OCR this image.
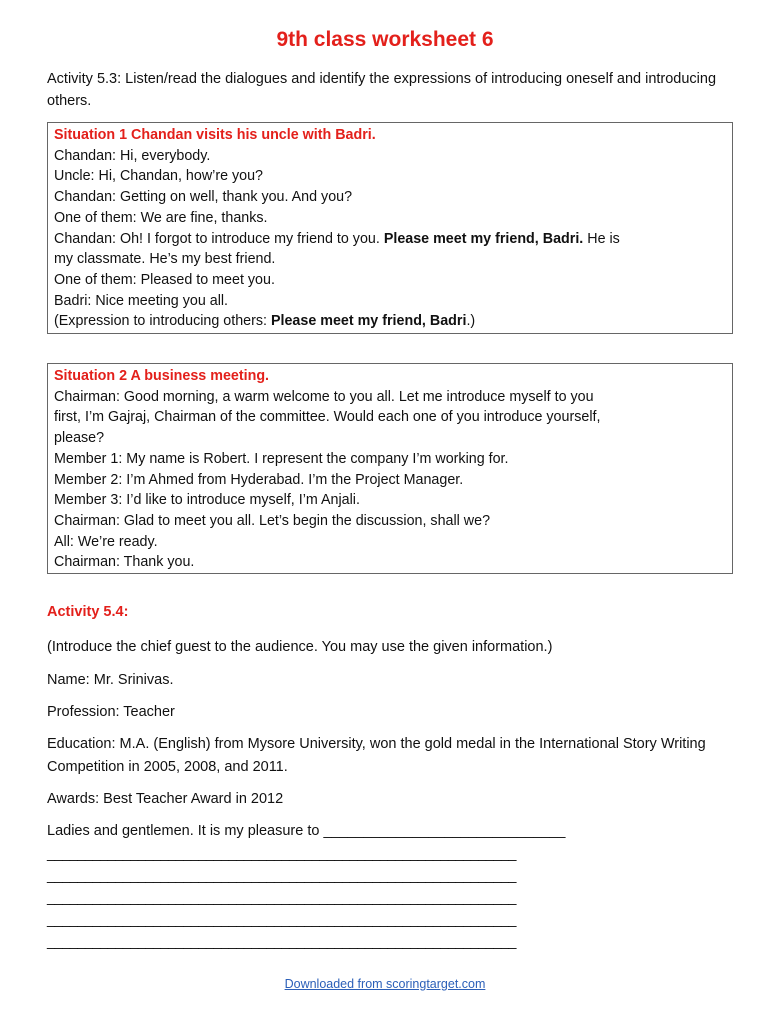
9th class worksheet 6

Activity 5.3: Listen/read the dialogues and identify the expressions of introducing oneself and introducing others.

Situation 1 Chandan visits his uncle with Badri.
Chandan: Hi, everybody.
Uncle: Hi, Chandan, how’re you?
Chandan: Getting on well, thank you. And you?
One of them: We are fine, thanks.
Chandan: Oh! I forgot to introduce my friend to you. Please meet my friend, Badri. He is
my classmate. He’s my best friend.
One of them: Pleased to meet you.
Badri: Nice meeting you all.
(Expression to introducing others: Please meet my friend, Badri.)
Situation 2 A business meeting.
Chairman: Good morning, a warm welcome to you all. Let me introduce myself to you
first, I’m Gajraj, Chairman of the committee. Would each one of you introduce yourself,
please?
Member 1: My name is Robert. I represent the company I’m working for.
Member 2: I’m Ahmed from Hyderabad. I’m the Project Manager.
Member 3: I’d like to introduce myself, I’m Anjali.
Chairman: Glad to meet you all. Let’s begin the discussion, shall we?
All: We’re ready.
Chairman: Thank you.

Activity 5.4:

(Introduce the chief guest to the audience. You may use the given information.)

Name: Mr. Srinivas.

Profession: Teacher

Education: M.A. (English) from Mysore University, won the gold medal in the International Story Writing Competition in 2005, 2008, and 2011.

Awards: Best Teacher Award in 2012

Ladies and gentlemen. It is my pleasure to ______________________________

______________________________________________________________

______________________________________________________________

______________________________________________________________

______________________________________________________________

______________________________________________________________

Downloaded from scoringtarget.com
